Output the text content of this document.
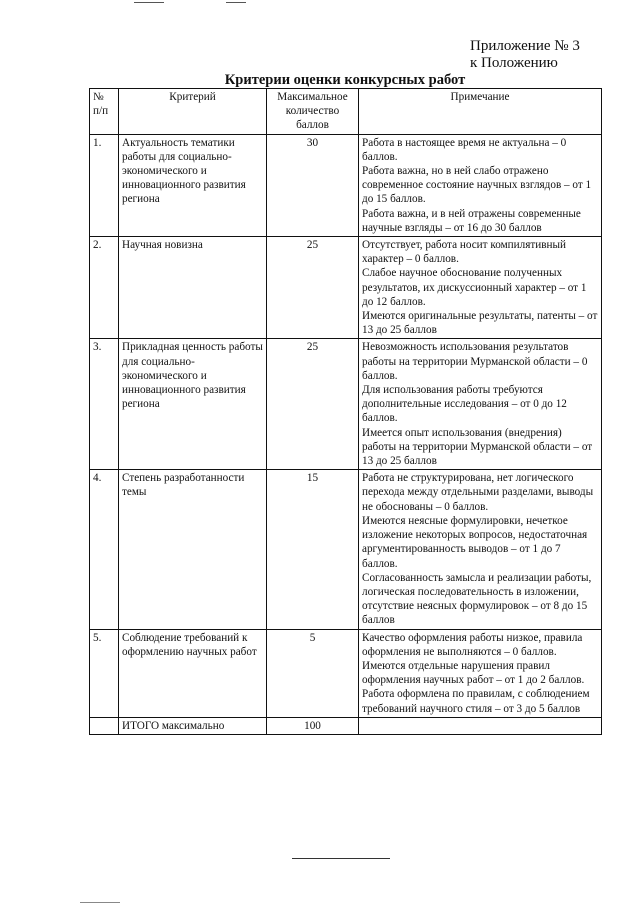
Приложение № 3
к Положению
Критерии оценки конкурсных работ
№ п/п	Критерий	Максимальное количество баллов	Примечание
1.	Актуальность тематики работы для социально-экономического и инновационного развития региона	30	Работа в настоящее время не актуальна – 0 баллов.
Работа важна, но в ней слабо отражено современное состояние научных взглядов – от 1 до 15 баллов.
Работа важна, и в ней отражены современные научные взгляды – от 16 до 30 баллов

2.	Научная новизна	25	Отсутствует, работа носит компилятивный характер – 0 баллов.
Слабое научное обоснование полученных результатов, их дискуссионный характер – от 1 до 12 баллов.
Имеются оригинальные результаты, патенты – от 13 до 25 баллов

3.	Прикладная ценность работы для социально-экономического и инновационного развития региона	25	Невозможность использования результатов работы на территории Мурманской области – 0 баллов.
Для использования работы требуются дополнительные исследования – от 0 до 12 баллов.
Имеется опыт использования (внедрения) работы на территории Мурманской области – от 13 до 25 баллов

4.	Степень разработанности темы	15	Работа не структурирована, нет логического перехода между отдельными разделами, выводы не обоснованы – 0 баллов.
Имеются неясные формулировки, нечеткое изложение некоторых вопросов, недостаточная аргументированность выводов – от 1 до 7 баллов.
Согласованность замысла и реализации работы, логическая последовательность в изложении, отсутствие неясных формулировок – от 8 до 15 баллов

5.	Соблюдение требований к оформлению научных работ	5	Качество оформления работы низкое, правила оформления не выполняются – 0 баллов.
Имеются отдельные нарушения правил оформления научных работ – от 1 до 2 баллов.
Работа оформлена по правилам, с соблюдением требований научного стиля – от 3 до 5 баллов

	ИТОГО максимально	100	
